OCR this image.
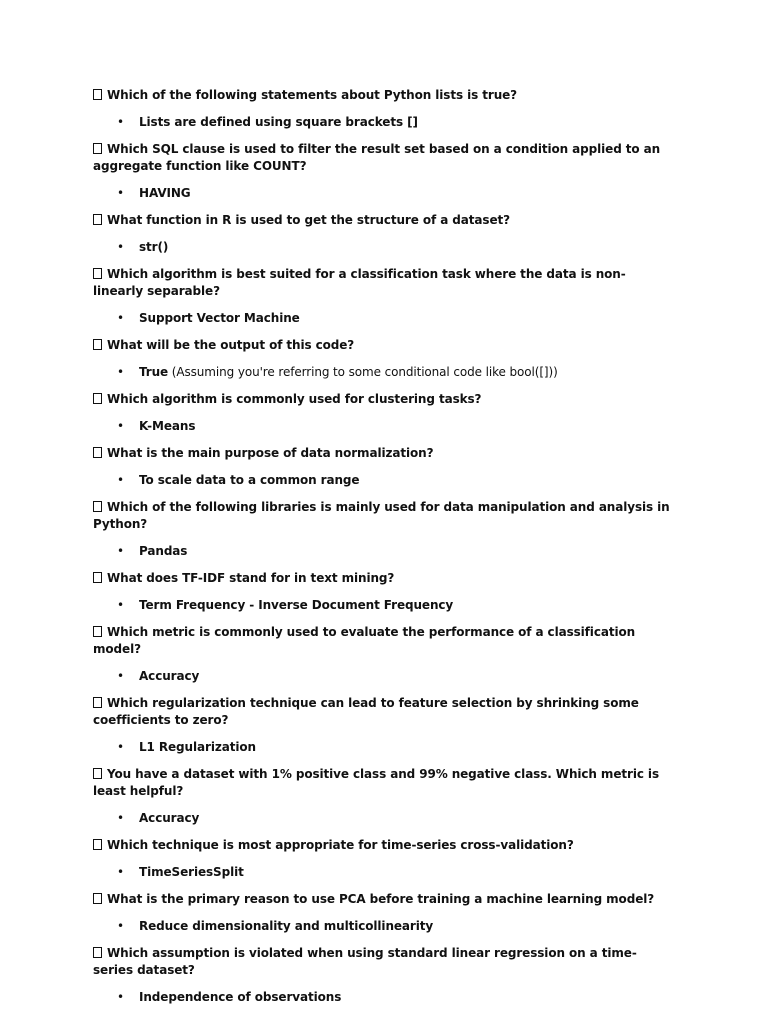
Which of the following statements about Python lists is true?

• Lists are defined using square brackets []

Which SQL clause is used to filter the result set based on a condition applied to an aggregate function like COUNT?

• HAVING

What function in R is used to get the structure of a dataset?

• str()

Which algorithm is best suited for a classification task where the data is non-linearly separable?

• Support Vector Machine

What will be the output of this code?

• True (Assuming you're referring to some conditional code like bool([]))

Which algorithm is commonly used for clustering tasks?

• K-Means

What is the main purpose of data normalization?

• To scale data to a common range

Which of the following libraries is mainly used for data manipulation and analysis in Python?

• Pandas

What does TF-IDF stand for in text mining?

• Term Frequency - Inverse Document Frequency

Which metric is commonly used to evaluate the performance of a classification model?

• Accuracy

Which regularization technique can lead to feature selection by shrinking some coefficients to zero?

• L1 Regularization

You have a dataset with 1% positive class and 99% negative class. Which metric is least helpful?

• Accuracy

Which technique is most appropriate for time-series cross-validation?

• TimeSeriesSplit

What is the primary reason to use PCA before training a machine learning model?

• Reduce dimensionality and multicollinearity

Which assumption is violated when using standard linear regression on a time-series dataset?

• Independence of observations
